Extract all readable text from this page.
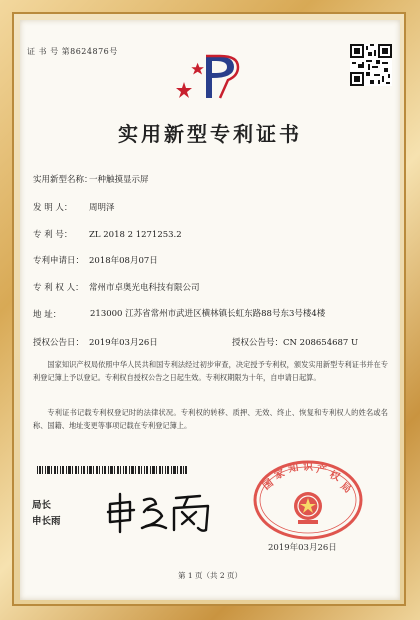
证 书 号 第8624876号
实用新型专利证书
实用新型名称：一种触摸显示屏
发 明 人： 周明泽
专 利 号： ZL 2018 2 1271253.2
专利申请日： 2018年08月07日
专 利 权 人： 常州市卓奥光电科技有限公司
地 址：	213000 江苏省常州市武进区横林镇长虹东路88号东3号楼4楼
授权公告日： 2019年03月26日	授权公告号：CN 208654687 U
国家知识产权局依照中华人民共和国专利法经过初步审查，决定授予专利权，颁发实用新型专利证书并在专利登记簿上予以登记。专利权自授权公告之日起生效。专利权期限为十年，自申请日起算。
专利证书记载专利权登记时的法律状况。专利权的转移、质押、无效、终止、恢复和专利权人的姓名或名称、国籍、地址变更等事项记载在专利登记簿上。
局长
申长雨
国
家 知 识 产 权
局
2019年03月26日
第 1 页（共 2 页）
